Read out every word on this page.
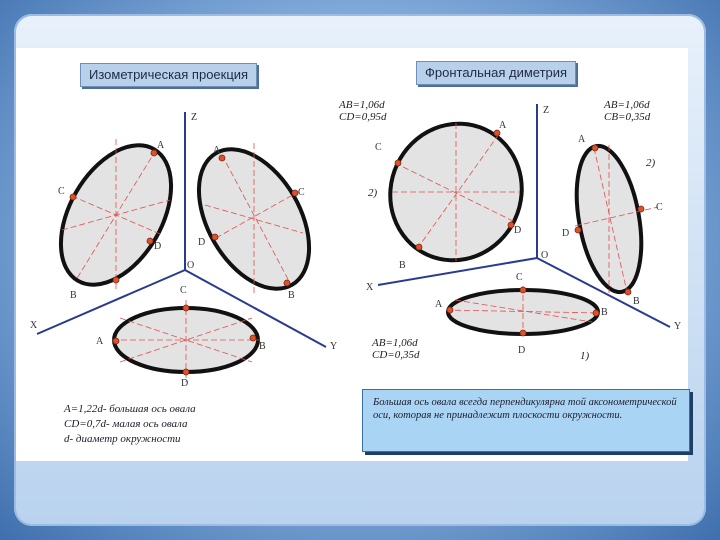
Изометрическая проекция	Фронтальная диметрия
Z
X
Y
O
A
C
D
B
A
C
D
B
C
A	B
D
Z
X
Y
O
A
C
D
B
A
C
D
B
C
A
B
D
AB=1,06d
CD=0,95d
AB=1,06d
CB=0,35d
AB=1,06d
CD=0,35d
2)
2)
1)
A=1,22d- большая ось овала
CD=0,7d- малая ось овала
d- диаметр окружности
Большая ось овала всегда перпендикулярна той аксонометрической оси, которая не принадлежит плоскости окружности.
